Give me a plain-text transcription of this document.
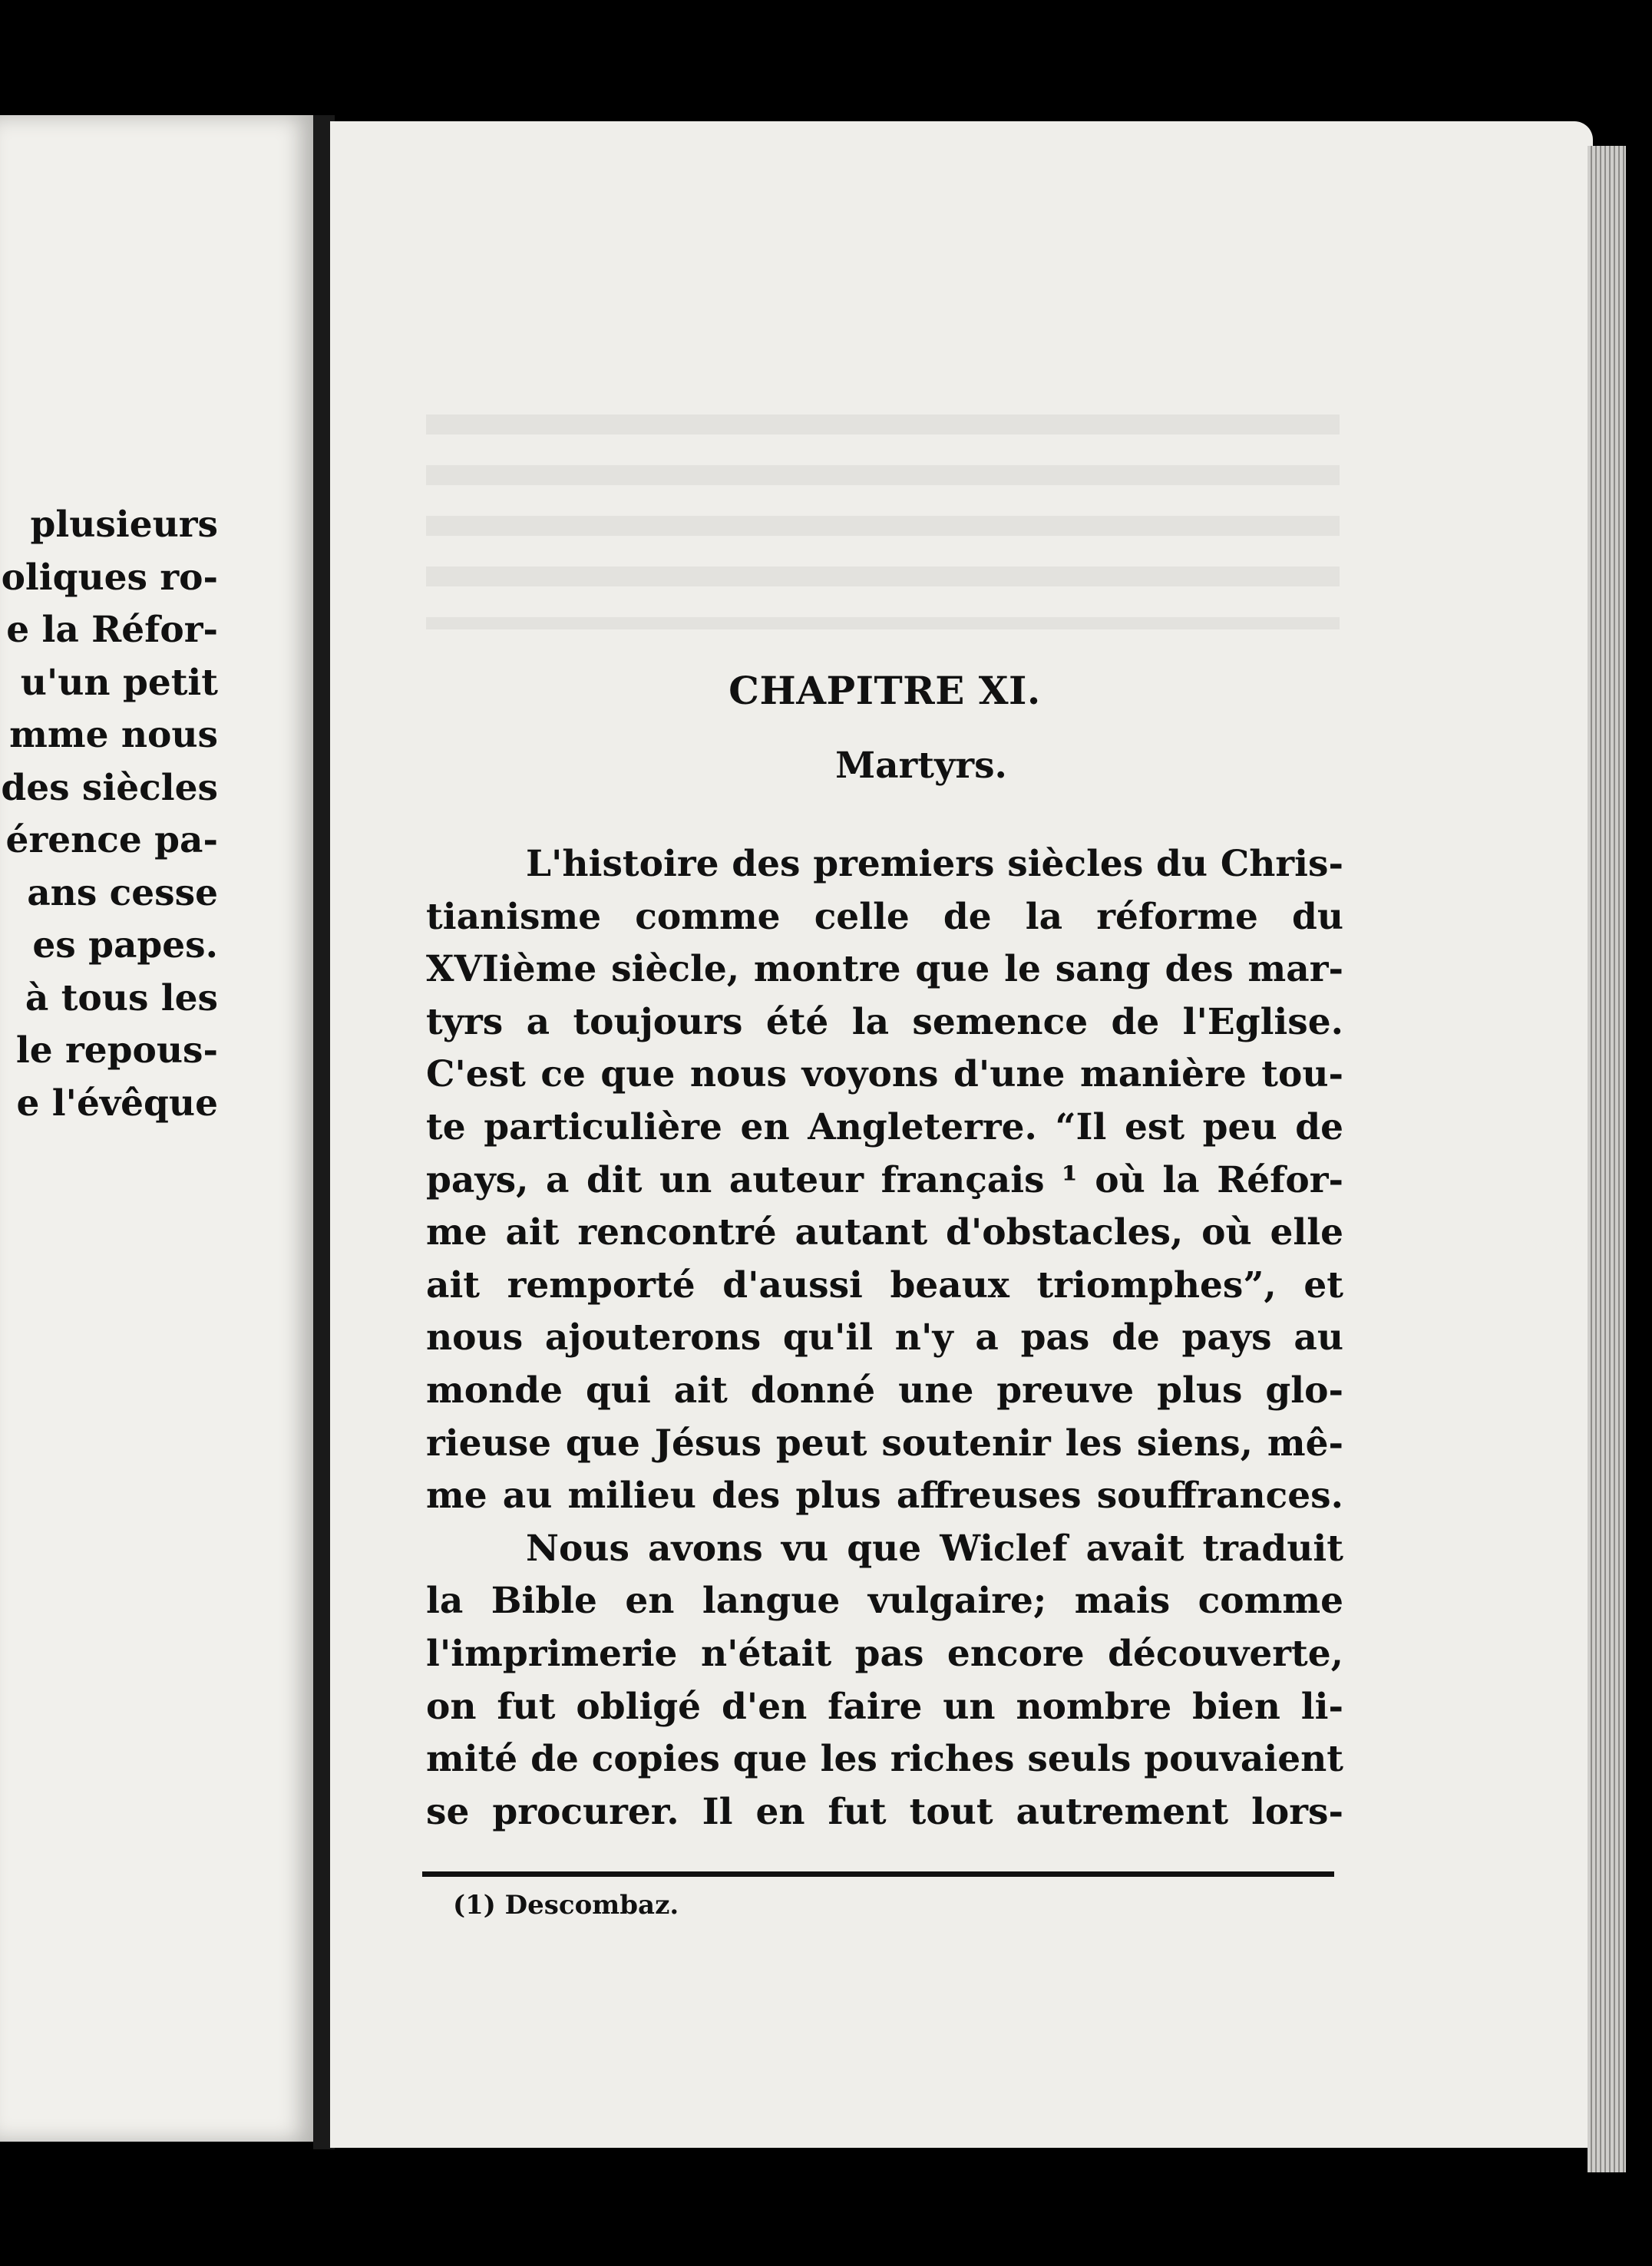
plusieurs
oliques ro-
e la Réfor-
u'un petit
mme nous
des siècles
érence pa-
ans cesse
es papes.
à tous les
le repous-
e l'évêque
CHAPITRE XI.
Martyrs.
L'histoire des premiers siècles du Chris-
tianisme comme celle de la réforme du
XVIième siècle, montre que le sang des mar-
tyrs a toujours été la semence de l'Eglise.
C'est ce que nous voyons d'une manière tou-
te particulière en Angleterre. “Il est peu de
pays, a dit un auteur français ¹ où la Réfor-
me ait rencontré autant d'obstacles, où elle
ait remporté d'aussi beaux triomphes”, et
nous ajouterons qu'il n'y a pas de pays au
monde qui ait donné une preuve plus glo-
rieuse que Jésus peut soutenir les siens, mê-
me au milieu des plus affreuses souffrances.
Nous avons vu que Wiclef avait traduit
la Bible en langue vulgaire; mais comme
l'imprimerie n'était pas encore découverte,
on fut obligé d'en faire un nombre bien li-
mité de copies que les riches seuls pouvaient
se procurer. Il en fut tout autrement lors-

(1) Descombaz.
